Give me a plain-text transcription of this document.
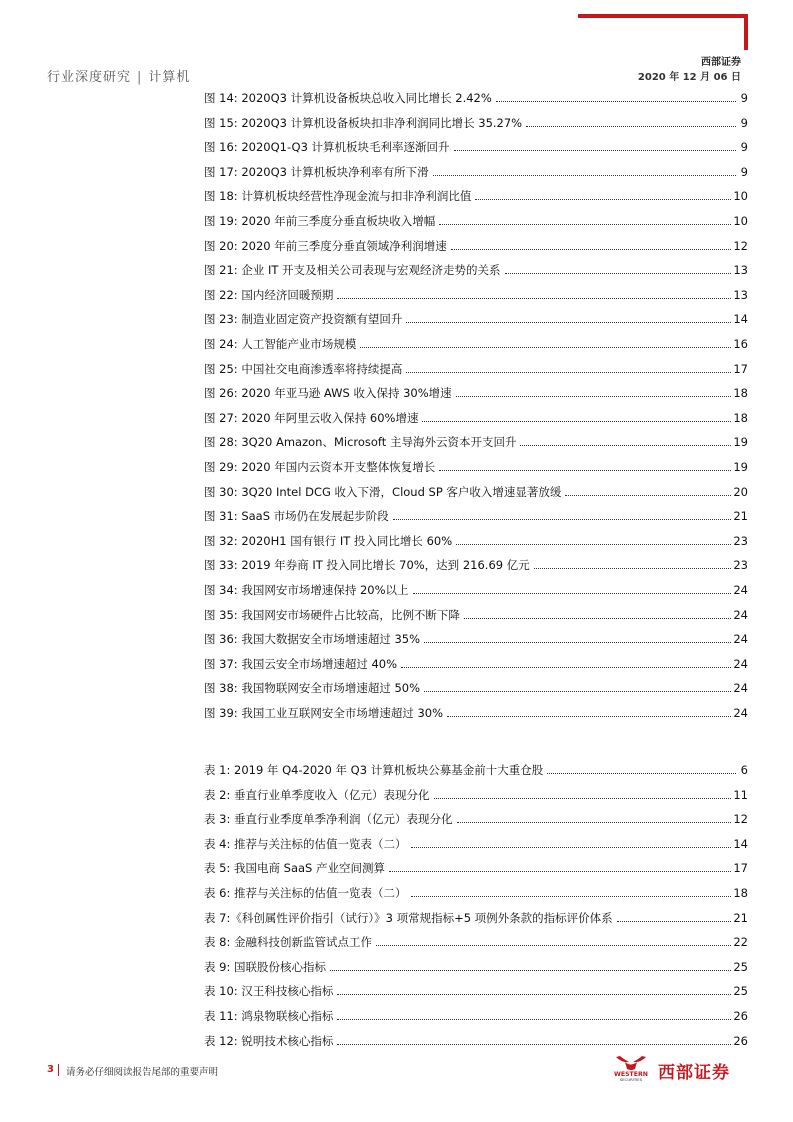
行业深度研究 | 计算机
西部证券
2020 年 12 月 06 日
图 14: 2020Q3 计算机设备板块总收入同比增长 2.42%	9
图 15: 2020Q3 计算机设备板块扣非净利润同比增长 35.27%	9
图 16: 2020Q1-Q3 计算机板块毛利率逐渐回升	9
图 17: 2020Q3 计算机板块净利率有所下滑	9
图 18: 计算机板块经营性净现金流与扣非净利润比值	10
图 19: 2020 年前三季度分垂直板块收入增幅	10
图 20: 2020 年前三季度分垂直领域净利润增速	12
图 21: 企业 IT 开支及相关公司表现与宏观经济走势的关系	13
图 22: 国内经济回暖预期	13
图 23: 制造业固定资产投资额有望回升	14
图 24: 人工智能产业市场规模	16
图 25: 中国社交电商渗透率将持续提高	17
图 26: 2020 年亚马逊 AWS 收入保持 30%增速	18
图 27: 2020 年阿里云收入保持 60%增速	18
图 28: 3Q20 Amazon、Microsoft 主导海外云资本开支回升	19
图 29: 2020 年国内云资本开支整体恢复增长	19
图 30: 3Q20 Intel DCG 收入下滑，Cloud SP 客户收入增速显著放缓	20
图 31: SaaS 市场仍在发展起步阶段	21
图 32: 2020H1 国有银行 IT 投入同比增长 60%	23
图 33: 2019 年券商 IT 投入同比增长 70%，达到 216.69 亿元	23
图 34: 我国网安市场增速保持 20%以上	24
图 35: 我国网安市场硬件占比较高，比例不断下降	24
图 36: 我国大数据安全市场增速超过 35%	24
图 37: 我国云安全市场增速超过 40%	24
图 38: 我国物联网安全市场增速超过 50%	24
图 39: 我国工业互联网安全市场增速超过 30%	24
表 1: 2019 年 Q4-2020 年 Q3 计算机板块公募基金前十大重仓股	6
表 2: 垂直行业单季度收入（亿元）表现分化	11
表 3: 垂直行业季度单季净利润（亿元）表现分化	12
表 4: 推荐与关注标的估值一览表（二）	14
表 5: 我国电商 SaaS 产业空间测算	17
表 6: 推荐与关注标的估值一览表（二）	18
表 7:《科创属性评价指引（试行）》3 项常规指标+5 项例外条款的指标评价体系	21
表 8: 金融科技创新监管试点工作	22
表 9: 国联股份核心指标	25
表 10: 汉王科技核心指标	25
表 11: 鸿泉物联核心指标	26
表 12: 锐明技术核心指标	26
3 请务必仔细阅读报告尾部的重要声明	WESTERN
SECURITIES 西部证券
